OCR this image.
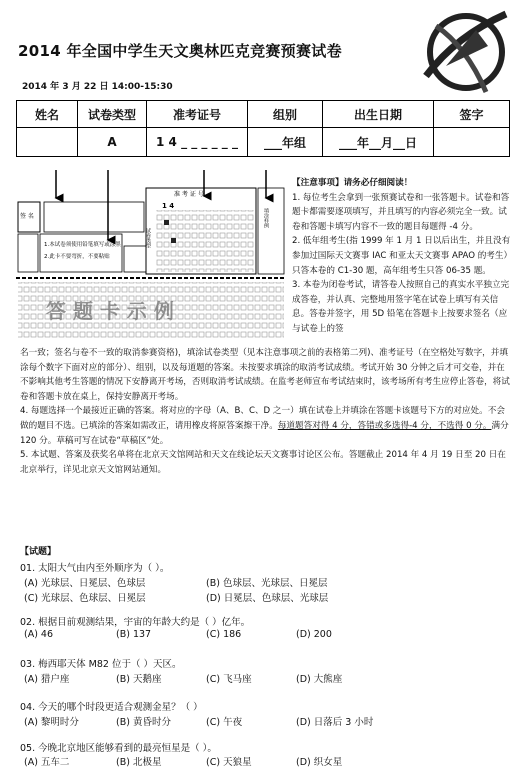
2014 年全国中学生天文奥林匹克竞赛预赛试卷
2014 年 3 月 22 日 14:00-15:30
姓名	试卷类型	准考证号	组别	出生日期	签字
	A	1 4 _ _ _ _ _ _	___年组	___年__月__日	
签 名
1.本试卷须使用铅笔填写或涂黑
2.此卡不要弯折，不要粘贴
准 考 证 号
1 4
试卷类型
填涂样例
答 题 卡 示 例

【注意事项】请务必仔细阅读！

1. 每位考生会拿到一张预赛试卷和一张答题卡。试卷和答题卡都需要逐项填写，并且填写的内容必须完全一致。试卷和答题卡填写内容不一致的题目每题得 -4 分。

2. 低年组考生(指 1999 年 1 月 1 日以后出生，并且没有参加过国际天文赛事 IAC 和亚太天文赛事 APAO 的考生）只答本卷的 C1-30 题，高年组考生只答 06-35 题。

3. 本卷为闭卷考试，请答卷人按照自己的真实水平独立完成答卷，并认真、完整地用签字笔在试卷上填写有关信息。答卷并签字，用 5D 铅笔在答题卡上按要求签名（应与试卷上的签

名一致；签名与卷不一致的取消参赛资格)，填涂试卷类型（见本注意事项之前的表格第二列)、准考证号（在空格处写数字，并填涂每个数字下面对应的部分）、组别，以及每道题的答案。未按要求填涂的取消考试成绩。考试开始 30 分钟之后才可交卷，并在不影响其他考生答题的情况下安静离开考场，否则取消考试成绩。在监考老师宣布考试结束时，该考场所有考生应停止答卷，将试卷和答题卡放在桌上，保持安静离开考场。

4. 每题选择一个最接近正确的答案。将对应的字母（A、B、C、D 之一）填在试卷上并填涂在答题卡该题号下方的对应处。不会做的题目不选。已填涂的答案如需改正，请用橡皮将原答案擦干净。每道题答对得 4 分，答错或多选得-4 分，不选得 0 分。满分 120 分。草稿可写在试卷“草稿区”处。

5. 本试题、答案及获奖名单将在北京天文馆网站和天文在线论坛天文赛事讨论区公布。答题截止 2014 年 4 月 19 日至 20 日在北京举行，详见北京天文馆网站通知。

【试题】
01. 太阳大气由内至外顺序为（ ）。
(A) 光球层、日冕层、色球层	(B) 色球层、光球层、日冕层
(C) 光球层、色球层、日冕层	(D) 日冕层、色球层、光球层
02. 根据目前观测结果，宇宙的年龄大约是（ ）亿年。
(A) 46	(B) 137	(C) 186	(D) 200
03. 梅西耶天体 M82 位于（ ）天区。
(A) 猎户座	(B) 天鹅座	(C) 飞马座	(D) 大熊座
04. 今天的哪个时段更适合观测金星？（ ）
(A) 黎明时分	(B) 黄昏时分	(C) 午夜	(D) 日落后 3 小时
05. 今晚北京地区能够看到的最亮恒星是（ ）。
(A) 五车二	(B) 北极星	(C) 天狼星	(D) 织女星
